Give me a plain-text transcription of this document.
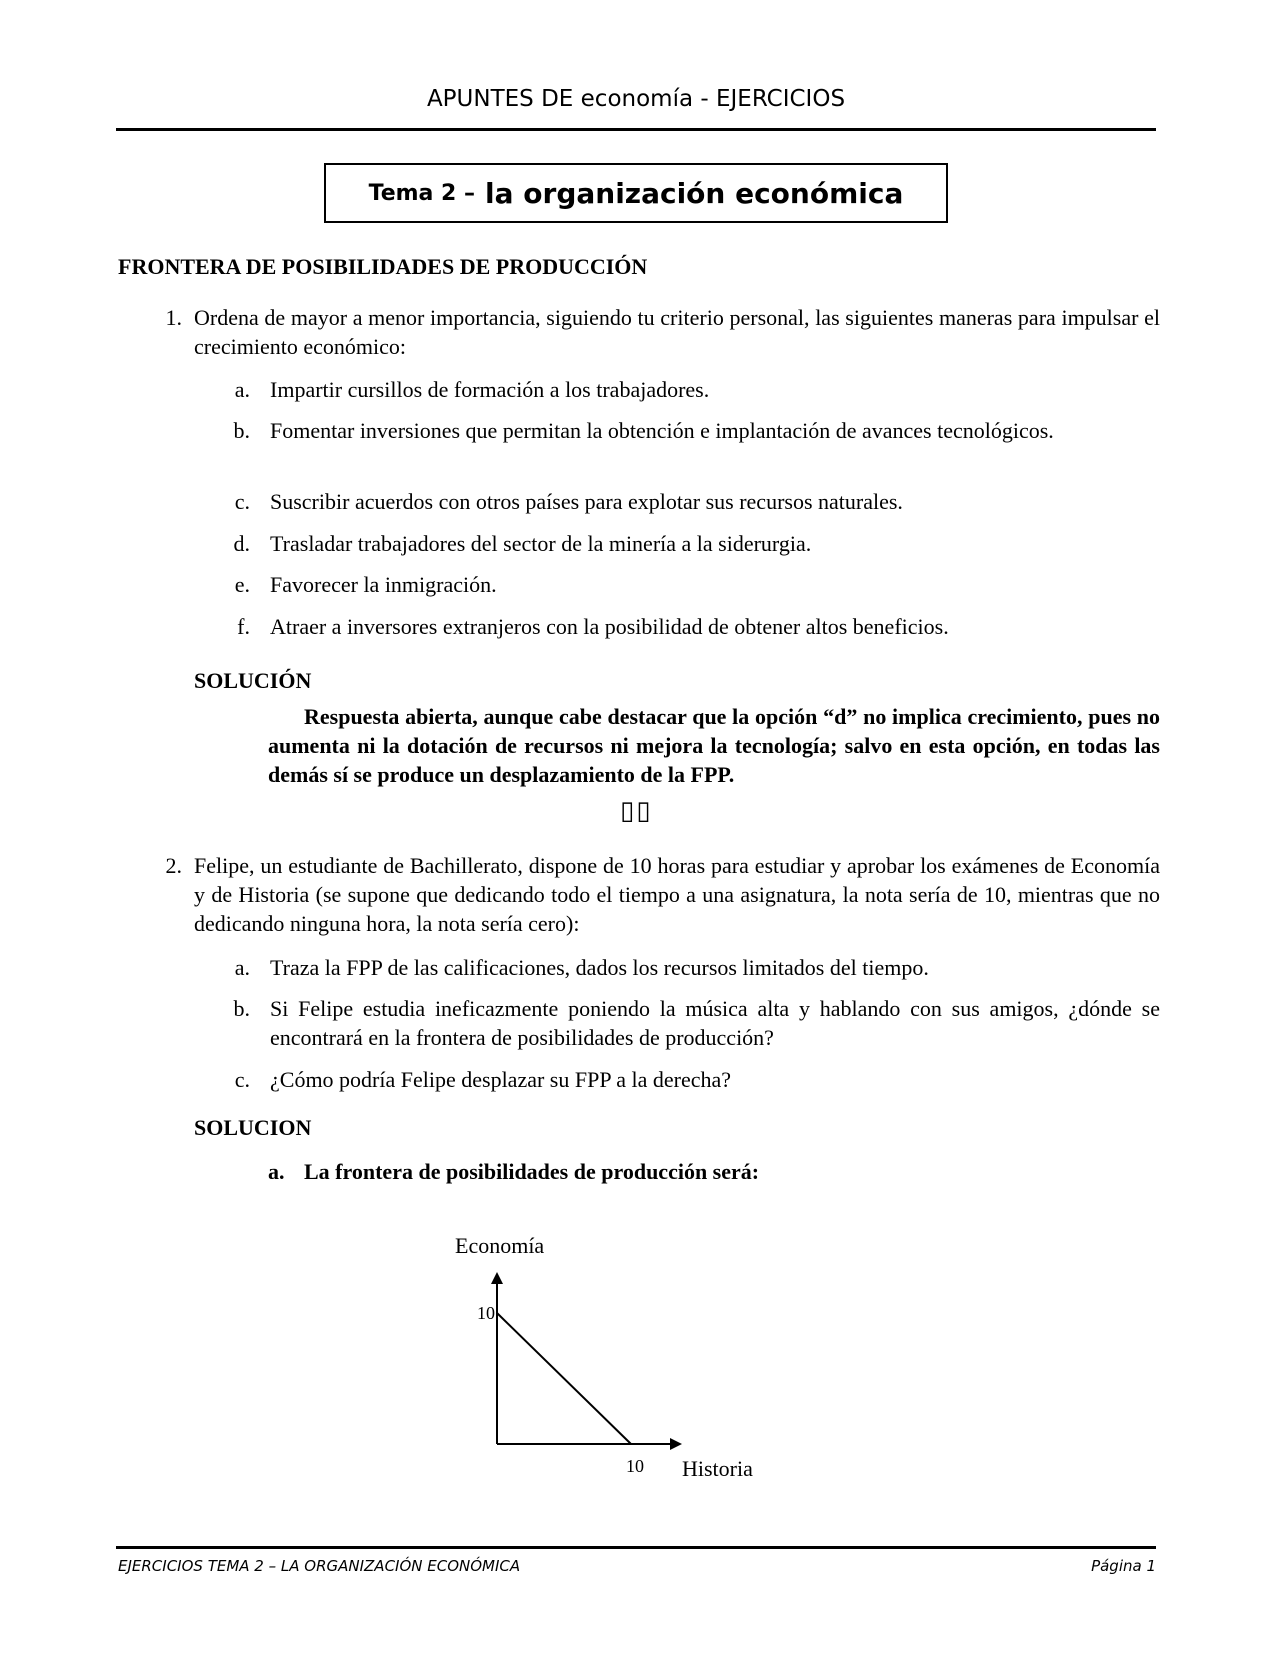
APUNTES DE economía - EJERCICIOS
Tema 2 – la organización económica
FRONTERA DE POSIBILIDADES DE PRODUCCIÓN
1. Ordena de mayor a menor importancia, siguiendo tu criterio personal, las siguientes maneras para impulsar el crecimiento económico:
a. Impartir cursillos de formación a los trabajadores.
b. Fomentar inversiones que permitan la obtención e implantación de avances tecnológicos.
c. Suscribir acuerdos con otros países para explotar sus recursos naturales.
d. Trasladar trabajadores del sector de la minería a la siderurgia.
e. Favorecer la inmigración.
f. Atraer a inversores extranjeros con la posibilidad de obtener altos beneficios.
SOLUCIÓN
Respuesta abierta, aunque cabe destacar que la opción “d” no implica crecimiento, pues no aumenta ni la dotación de recursos ni mejora la tecnología; salvo en esta opción, en todas las demás sí se produce un desplazamiento de la FPP.
▯▯
2. Felipe, un estudiante de Bachillerato, dispone de 10 horas para estudiar y aprobar los exámenes de Economía y de Historia (se supone que dedicando todo el tiempo a una asignatura, la nota sería de 10, mientras que no dedicando ninguna hora, la nota sería cero):
a. Traza la FPP de las calificaciones, dados los recursos limitados del tiempo.
b. Si Felipe estudia ineficazmente poniendo la música alta y hablando con sus amigos, ¿dónde se encontrará en la frontera de posibilidades de producción?
c. ¿Cómo podría Felipe desplazar su FPP a la derecha?
SOLUCION
a. La frontera de posibilidades de producción será:
Economía
Historia
10
10
EJERCICIOS TEMA 2 – LA ORGANIZACIÓN ECONÓMICA	Página 1
